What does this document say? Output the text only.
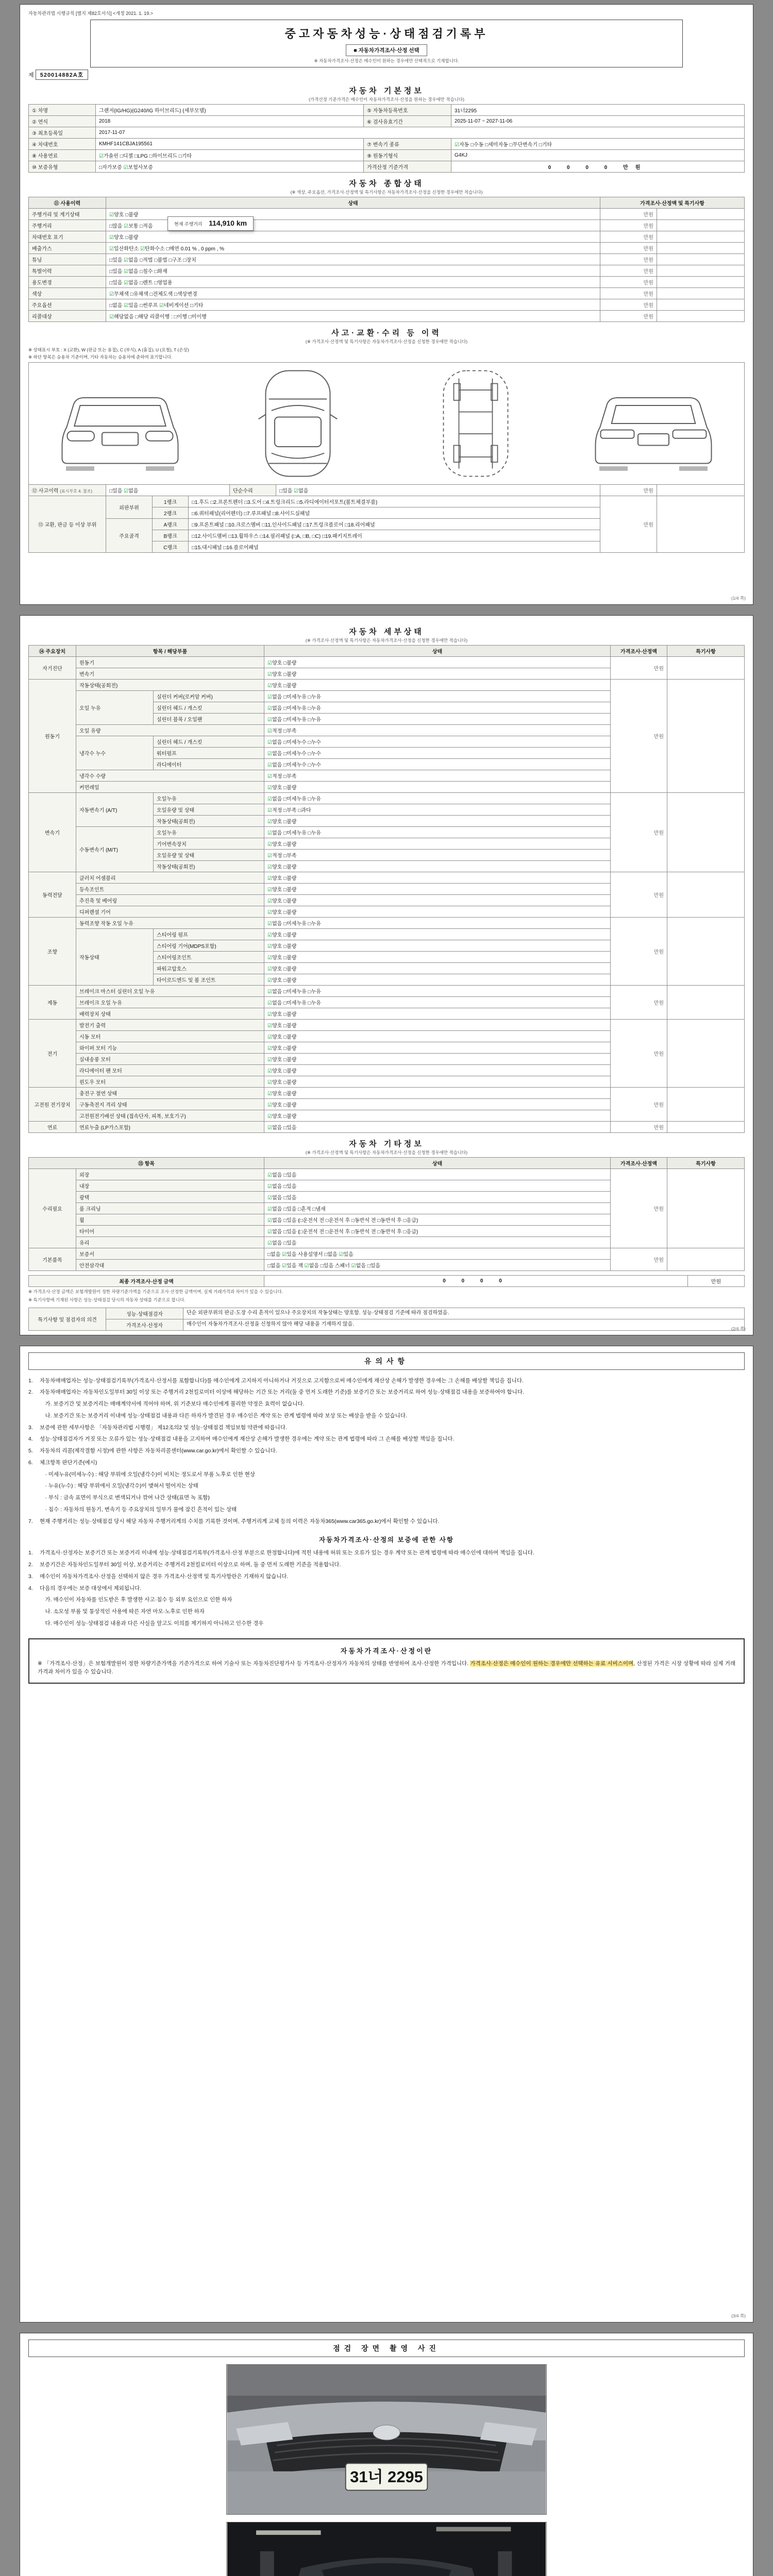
자동차관리법 시행규칙 [별지 제82호서식] <개정 2021. 1. 19.>
중고자동차성능·상태점검기록부
■ 자동차가격조사·산정 선택
※ 자동차가격조사·산정은 매수인이 원하는 경우에만 선택적으로 기재합니다.
제 520014882A호
자동차 기본정보
(가격산정 기준가격은 매수인이 자동차가격조사·산정을 원하는 경우에만 적습니다)
① 차명	그랜저(IG/HG)(G240/IG 하이브리드) (세부모델)	⑤ 자동차등록번호	31너2295
② 연식	2018	⑥ 검사유효기간	2025-11-07 ~ 2027-11-06
③ 최초등록일	2017-11-07		
④ 차대번호	KMHF141CBJA195561	⑦ 변속기 종류	☑자동 □수동 □세미자동 □무단변속기 □기타
⑧ 사용연료	☑가솔린 □디젤 □LPG □하이브리드 □기타	⑨ 원동기형식	G4KJ
⑩ 보증유형	□자가보증 ☑보험사보증	가격산정 기준가격	0 0 0 0 만원
자동차 종합상태
(※ 색상, 주요옵션, 가격조사·산정액 및 특기사항은 자동차가격조사·산정을 신청한 경우에만 적습니다)
⑪ 사용이력	상태	가격조사·산정액 및 특기사항	
주행거리 및 계기상태	☑양호 □불량	만원	
주행거리	□많음 ☑보통 □적음	만원	
차대번호 표기	☑양호 □불량	만원	
배출가스	☑일산화탄소 ☑탄화수소 □매연 0.01 % , 0 ppm , %	만원	
튜닝	□있음 ☑없음 □적법 □불법 □구조 □장치	만원	
특별이력	□있음 ☑없음 □침수 □화재	만원	
용도변경	□있음 ☑없음 □렌트 □영업용	만원	
색상	☑무채색 □유채색 □전체도색 □색상변경	만원	
주요옵션	□없음 ☑있음 □썬루프 ☑네비게이션 □기타	만원	
리콜대상	☑해당없음 □해당 리콜이행 : □이행 □미이행	만원	
현재 주행거리 114,910 km
사고·교환·수리 등 이력
(※ 가격조사·산정액 및 특기사항은 자동차가격조사·산정을 신청한 경우에만 적습니다)
※ 상태표시 부호 : X (교환), W (판금 또는 용접), C (부식), A (흠집), U (요철), T (손상)
※ 하단 항목은 승용차 기준이며, 기타 자동차는 승용차에 준하여 표기합니다.
⑫ 사고이력 (표시부호 4. 참조)	□있음 ☑없음	단순수리	□있음 ☑없음	만원	
⑬ 교환, 판금 등 이상 부위	외판부위	1랭크	□1.후드 □2.프론트펜더 □3.도어 □4.트렁크리드 □5.라디에이터서포트(볼트체결부품)	만원	
		2랭크	□6.쿼터패널(리어펜더) □7.루프패널 □8.사이드실패널		
	주요골격	A랭크	□9.프론트패널 □10.크로스멤버 □11.인사이드패널 □17.트렁크플로어 □18.리어패널		
		B랭크	□12.사이드멤버 □13.휠하우스 □14.필러패널 (□A, □B, □C) □19.패키지트레이		
		C랭크	□15.대시패널 □16.플로어패널		
(1/4 쪽)
자동차 세부상태
(※ 가격조사·산정액 및 특기사항은 자동차가격조사·산정을 신청한 경우에만 적습니다)
⑭ 주요장치	항목 / 해당부품		상태	가격조사·산정액	특기사항
자기진단	원동기		☑양호 □불량	만원	
	변속기		☑양호 □불량		
원동기	작동상태(공회전)		☑양호 □불량	만원	
	오일 누유	실린더 커버(로커암 커버)	☑없음 □미세누유 □누유		
		실린더 헤드 / 개스킷	☑없음 □미세누유 □누유		
		실린더 블록 / 오일팬	☑없음 □미세누유 □누유		
	오일 유량		☑적정 □부족		
	냉각수 누수	실린더 헤드 / 개스킷	☑없음 □미세누수 □누수		
		워터펌프	☑없음 □미세누수 □누수		
		라디에이터	☑없음 □미세누수 □누수		
	냉각수 수량		☑적정 □부족		
	커먼레일		☑양호 □불량		
변속기	자동변속기 (A/T)	오일누유	☑없음 □미세누유 □누유	만원	
		오일유량 및 상태	☑적정 □부족 □과다		
		작동상태(공회전)	☑양호 □불량		
	수동변속기 (M/T)	오일누유	☑없음 □미세누유 □누유		
		기어변속장치	☑양호 □불량		
		오일유량 및 상태	☑적정 □부족		
		작동상태(공회전)	☑양호 □불량		
동력전달	클러치 어셈블리		☑양호 □불량	만원	
	등속조인트		☑양호 □불량		
	추진축 및 베어링		☑양호 □불량		
	디퍼렌셜 기어		☑양호 □불량		
조향	동력조향 작동 오일 누유		☑없음 □미세누유 □누유	만원	
	작동상태	스티어링 펌프	☑양호 □불량		
		스티어링 기어(MDPS포함)	☑양호 □불량		
		스티어링조인트	☑양호 □불량		
		파워고압호스	☑양호 □불량		
		타이로드엔드 및 볼 조인트	☑양호 □불량		
제동	브레이크 마스터 실린더 오일 누유		☑없음 □미세누유 □누유	만원	
	브레이크 오일 누유		☑없음 □미세누유 □누유		
	배력장치 상태		☑양호 □불량		
전기	발전기 출력		☑양호 □불량	만원	
	시동 모터		☑양호 □불량		
	와이퍼 모터 기능		☑양호 □불량		
	실내송풍 모터		☑양호 □불량		
	라디에이터 팬 모터		☑양호 □불량		
	윈도우 모터		☑양호 □불량		
고전원 전기장치	충전구 절연 상태		☑양호 □불량	만원	
	구동축전지 격리 상태		☑양호 □불량		
	고전원전기배선 상태 (접속단자, 피복, 보호기구)		☑양호 □불량		
연료	연료누출 (LP가스포함)		☑없음 □있음	만원	
자동차 기타정보
(※ 가격조사·산정액 및 특기사항은 자동차가격조사·산정을 신청한 경우에만 적습니다)
⑮ 항목		상태	가격조사·산정액	특기사항
수리필요	외장	☑없음 □있음	만원	
	내장	☑없음 □있음		
	광택	☑없음 □있음		
	룸 크리닝	☑없음 □있음 □흔적 □냄새		
	휠	☑없음 □있음 (□운전석 전 □운전석 후 □동반석 전 □동반석 후 □응급)		
	타이어	☑없음 □있음 (□운전석 전 □운전석 후 □동반석 전 □동반석 후 □응급)		
	유리	☑없음 □있음		
기본품목	보증서	□없음 ☑있음 사용설명서 □없음 ☑있음	만원	
	안전삼각대	□없음 ☑있음 잭 ☑없음 □있음 스패너 ☑없음 □있음		
최종 가격조사·산정 금액	0 0 0 0	만원
※ 가격조사·산정 금액은 보험개발원이 정한 차량기준가액을 기준으로 조사·산정한 금액이며, 실제 거래가격과 차이가 있을 수 있습니다.
※ 특기사항에 기재된 사항은 성능·상태점검 당시의 자동차 상태를 기준으로 합니다.
특기사항 및 점검자의 의견	성능·상태점검자	단순 외판부위의 판금·도장 수리 흔적이 있으나 주요장치의 작동상태는 양호함. 성능·상태점검 기준에 따라 점검하였음.
	가격조사·산정자	매수인이 자동차가격조사·산정을 신청하지 않아 해당 내용을 기재하지 않음.
(2/4 쪽)
유의사항
1.	자동차매매업자는 성능·상태점검기록부(가격조사·산정서를 포함합니다)를 매수인에게 고지하지 아니하거나 거짓으로 고지함으로써 매수인에게 재산상 손해가 발생한 경우에는 그 손해를 배상할 책임을 집니다.
2.	자동차매매업자는 자동차인도일부터 30일 이상 또는 주행거리 2천킬로미터 이상에 해당하는 기간 또는 거리(둘 중 먼저 도래한 기준)를 보증기간 또는 보증거리로 하여 성능·상태점검 내용을 보증하여야 합니다.
　가. 보증기간 및 보증거리는 매매계약서에 적어야 하며, 위 기준보다 매수인에게 불리한 약정은 효력이 없습니다.
　나. 보증기간 또는 보증거리 이내에 성능·상태점검 내용과 다른 하자가 발견된 경우 매수인은 계약 또는 관계 법령에 따라 보상 또는 배상을 받을 수 있습니다.
3.	보증에 관한 세부사항은 「자동차관리법 시행령」 제12조의2 및 성능·상태점검 책임보험 약관에 따릅니다.
4.	성능·상태점검자가 거짓 또는 오류가 있는 성능·상태점검 내용을 고지하여 매수인에게 재산상 손해가 발생한 경우에는 계약 또는 관계 법령에 따라 그 손해를 배상할 책임을 집니다.
5.	자동차의 리콜(제작결함 시정)에 관한 사항은 자동차리콜센터(www.car.go.kr)에서 확인할 수 있습니다.
6.	체크항목 판단기준(예시)
　· 미세누유(미세누수) : 해당 부위에 오일(냉각수)이 비치는 정도로서 부품 노후로 인한 현상
　· 누유(누수) : 해당 부위에서 오일(냉각수)이 맺혀서 떨어지는 상태
　· 부식 : 금속 표면이 부식으로 변색되거나 깎여 나간 상태(표면 녹 포함)
　· 침수 : 자동차의 원동기, 변속기 등 주요장치의 일부가 물에 잠긴 흔적이 있는 상태
7.	현재 주행거리는 성능·상태점검 당시 해당 자동차 주행거리계의 수치를 기록한 것이며, 주행거리계 교체 등의 이력은 자동차365(www.car365.go.kr)에서 확인할 수 있습니다.
자동차가격조사·산정의 보증에 관한 사항
1.	가격조사·산정자는 보증기간 또는 보증거리 이내에 성능·상태점검기록부(가격조사·산정 부분으로 한정합니다)에 적힌 내용에 허위 또는 오류가 있는 경우 계약 또는 관계 법령에 따라 매수인에 대하여 책임을 집니다.
2.	보증기간은 자동차인도일부터 30일 이상, 보증거리는 주행거리 2천킬로미터 이상으로 하며, 둘 중 먼저 도래한 기준을 적용합니다.
3.	매수인이 자동차가격조사·산정을 선택하지 않은 경우 가격조사·산정액 및 특기사항란은 기재하지 않습니다.
4.	다음의 경우에는 보증 대상에서 제외됩니다.
　가. 매수인이 자동차를 인도받은 후 발생한 사고·침수 등 외부 요인으로 인한 하자
　나. 소모성 부품 및 통상적인 사용에 따른 자연 마모·노후로 인한 하자
　다. 매수인이 성능·상태점검 내용과 다른 사실을 알고도 이의를 제기하지 아니하고 인수한 경우
자동차가격조사·산정이란
※ 「가격조사·산정」은 보험개발원이 정한 차량기준가액을 기준가격으로 하여 기술사 또는 자동차진단평가사 등 가격조사·산정자가 자동차의 상태를 반영하여 조사·산정한 가격입니다. 가격조사·산정은 매수인이 원하는 경우에만 선택하는 유료 서비스이며, 산정된 가격은 시장 상황에 따라 실제 거래가격과 차이가 있을 수 있습니다.
(3/4 쪽)
점검 장면 촬영 사진
31너 2295
